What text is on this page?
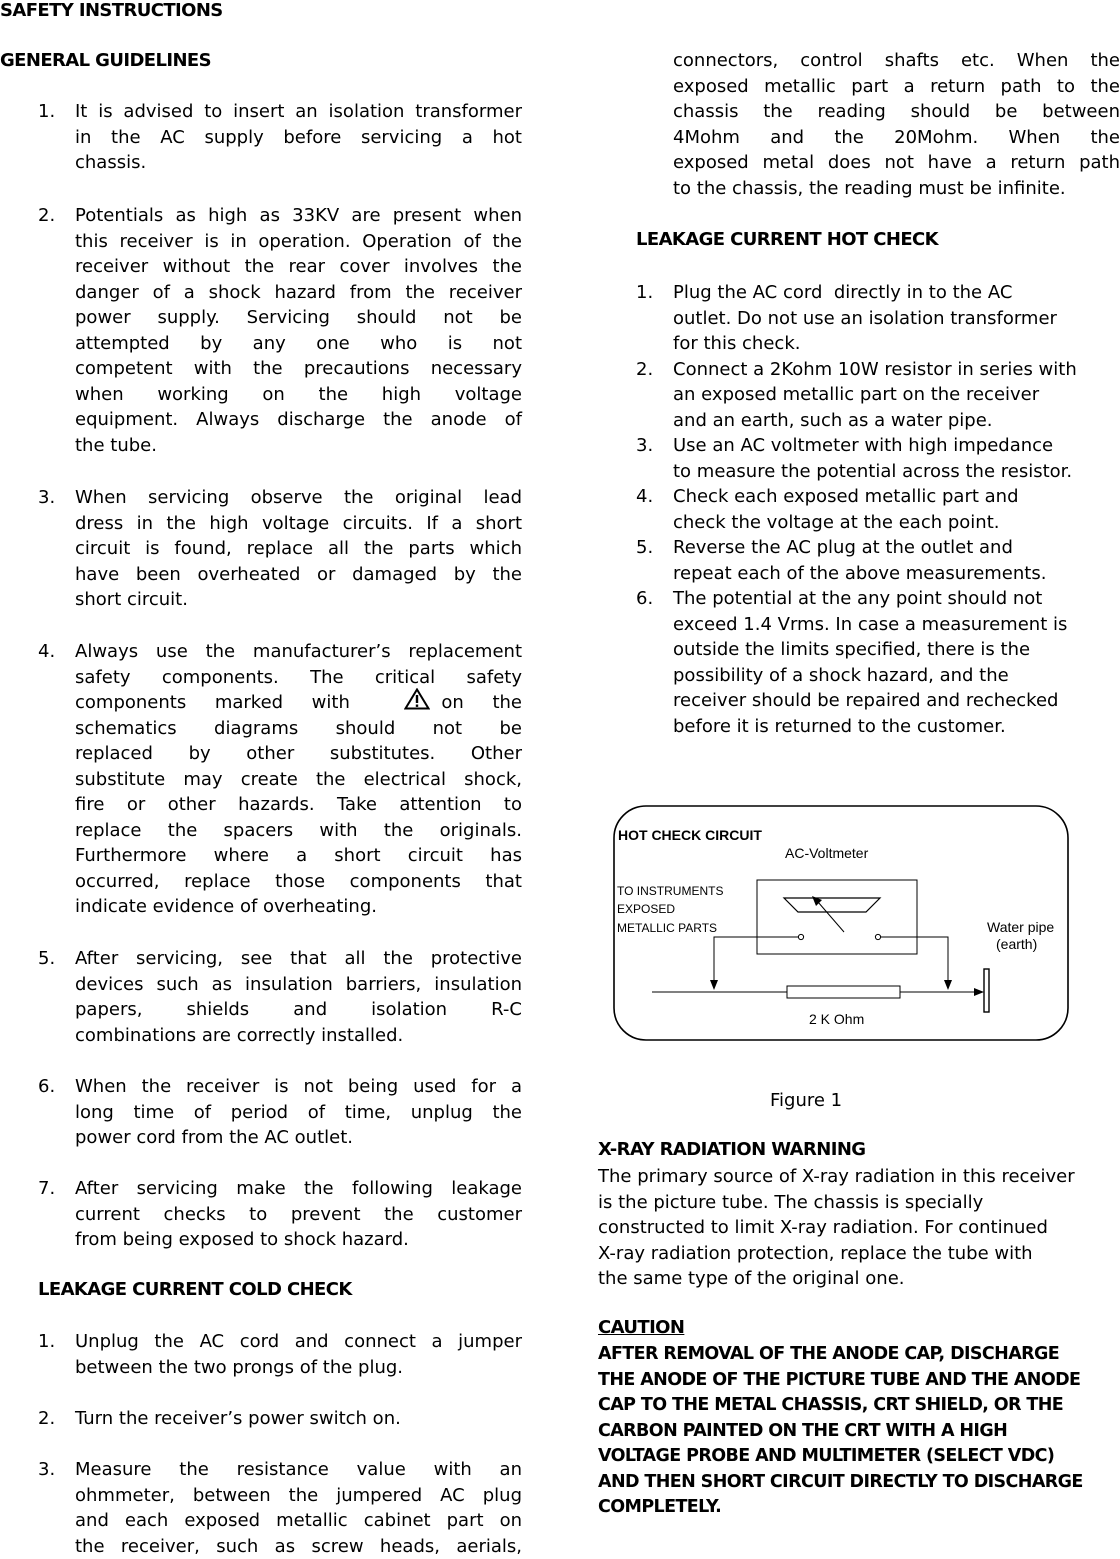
SAFETY INSTRUCTIONS
GENERAL GUIDELINES
1. It is advised to insert an isolation transformer
in the AC supply before servicing a hot
chassis.
2. Potentials as high as 33KV are present when
this receiver is in operation. Operation of the
receiver without the rear cover involves the
danger of a shock hazard from the receiver
power supply. Servicing should not be
attempted by any one who is not
competent with the precautions necessary
when working on the high voltage
equipment. Always discharge the anode of
the tube.
3. When servicing observe the original lead
dress in the high voltage circuits. If a short
circuit is found, replace all the parts which
have been overheated or damaged by the
short circuit.
4. Always use the manufacturer’s replacement
safety components. The critical safety
components     marked     with	on     the
schematics diagrams should not be
replaced by other substitutes. Other
substitute may create the electrical shock,
fire or other hazards. Take attention to
replace the spacers with the originals.
Furthermore where a short circuit has
occurred, replace those components that
indicate evidence of overheating.
5. After servicing, see that all the protective
devices such as insulation barriers, insulation
papers, shields and isolation R-C
combinations are correctly installed.
6. When the receiver is not being used for a
long time of period of time, unplug the
power cord from the AC outlet.
7. After servicing make the following leakage
current checks to prevent the customer
from being exposed to shock hazard.
LEAKAGE CURRENT COLD CHECK
1. Unplug the AC cord and connect a jumper
between the two prongs of the plug.
2. Turn the receiver’s power switch on.
3. Measure the resistance value with an
ohmmeter, between the jumpered AC plug
and each exposed metallic cabinet part on
the receiver, such as screw heads, aerials,
connectors, control shafts etc. When the
exposed metallic part a return path to the
chassis the reading should be between
4Mohm and the 20Mohm. When the
exposed metal does not have a return path
to the chassis, the reading must be infinite.
LEAKAGE CURRENT HOT CHECK
1. Plug the AC cord  directly in to the AC
outlet. Do not use an isolation transformer
for this check.
2. Connect a 2Kohm 10W resistor in series with
an exposed metallic part on the receiver
and an earth, such as a water pipe.
3. Use an AC voltmeter with high impedance
to measure the potential across the resistor.
4. Check each exposed metallic part and
check the voltage at the each point.
5. Reverse the AC plug at the outlet and
repeat each of the above measurements.
6. The potential at the any point should not
exceed 1.4 Vrms. In case a measurement is
outside the limits specified, there is the
possibility of a shock hazard, and the
receiver should be repaired and rechecked
before it is returned to the customer.
HOT CHECK CIRCUIT
AC-Voltmeter
TO INSTRUMENTS
EXPOSED
METALLIC PARTS	Water pipe
(earth)
2 K Ohm
Figure 1
X-RAY RADIATION WARNING
The primary source of X-ray radiation in this receiver
is the picture tube. The chassis is specially
constructed to limit X-ray radiation. For continued
X-ray radiation protection, replace the tube with
the same type of the original one.
CAUTION
AFTER REMOVAL OF THE ANODE CAP, DISCHARGE
THE ANODE OF THE PICTURE TUBE AND THE ANODE
CAP TO THE METAL CHASSIS, CRT SHIELD, OR THE
CARBON PAINTED ON THE CRT WITH A HIGH
VOLTAGE PROBE AND MULTIMETER (SELECT VDC)
AND THEN SHORT CIRCUIT DIRECTLY TO DISCHARGE
COMPLETELY.
